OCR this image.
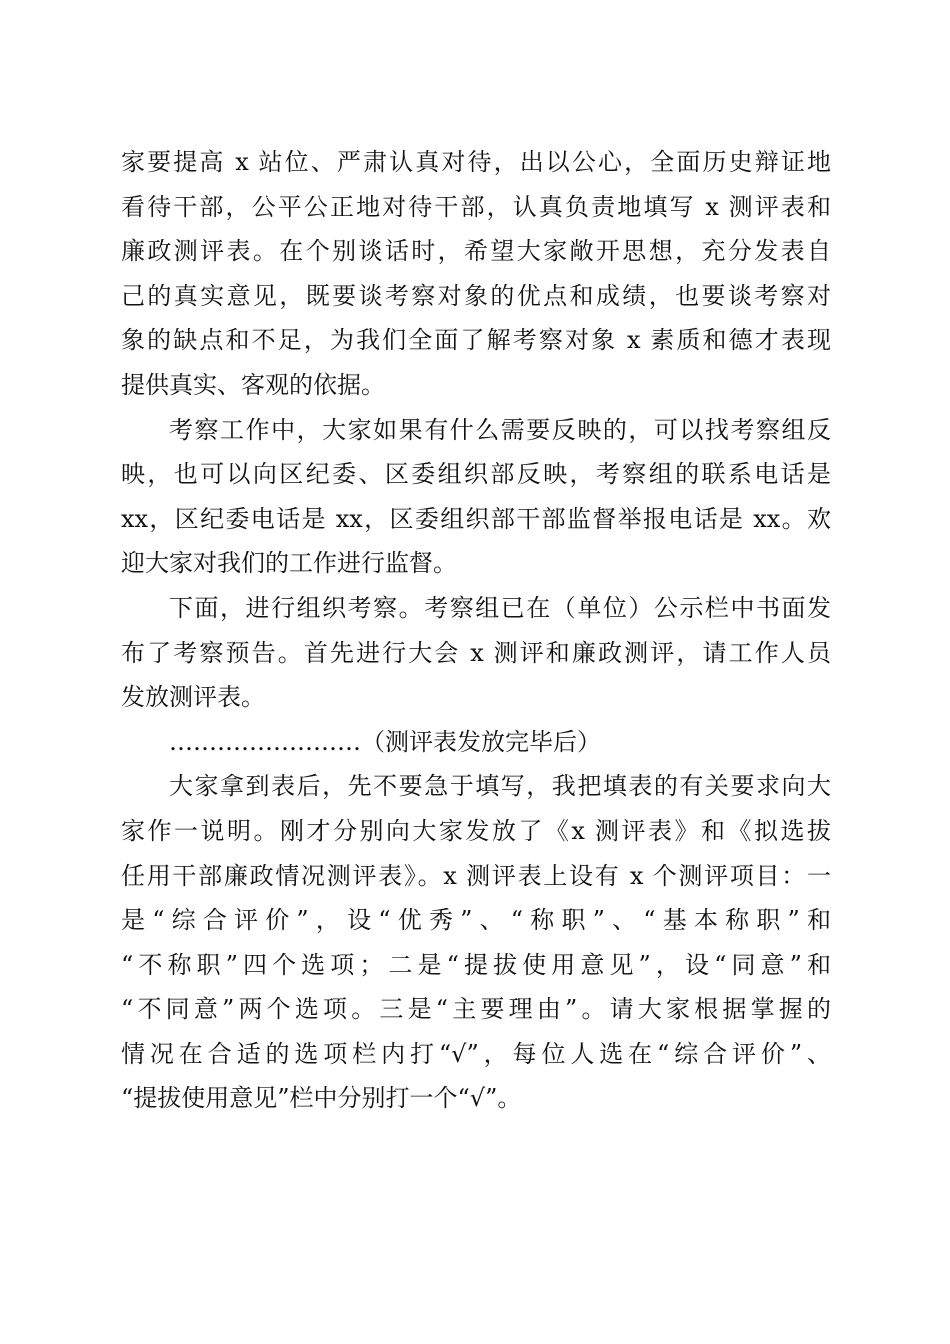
家要提高 x 站位、严肃认真对待，出以公心，全面历史辩证地
看待干部，公平公正地对待干部，认真负责地填写 x 测评表和
廉政测评表。在个别谈话时，希望大家敞开思想，充分发表自
己的真实意见，既要谈考察对象的优点和成绩，也要谈考察对
象的缺点和不足，为我们全面了解考察对象 x 素质和德才表现
提供真实、客观的依据。
考察工作中，大家如果有什么需要反映的，可以找考察组反
映，也可以向区纪委、区委组织部反映，考察组的联系电话是
xx，区纪委电话是 xx，区委组织部干部监督举报电话是 xx。欢
迎大家对我们的工作进行监督。
下面，进行组织考察。考察组已在（单位）公示栏中书面发
布了考察预告。首先进行大会 x 测评和廉政测评，请工作人员
发放测评表。
……………………（测评表发放完毕后）
大家拿到表后，先不要急于填写，我把填表的有关要求向大
家作一说明。刚才分别向大家发放了《x 测评表》和《拟选拔
任用干部廉政情况测评表》。x 测评表上设有 x 个测评项目：一
是“综合评价”，设“优秀”、“称职”、“基本称职”和
“不称职”四个选项；二是“提拔使用意见”，设“同意”和
“不同意”两个选项。三是“主要理由”。请大家根据掌握的
情况在合适的选项栏内打“√”，每位人选在“综合评价”、
“提拔使用意见”栏中分别打一个“√”。
